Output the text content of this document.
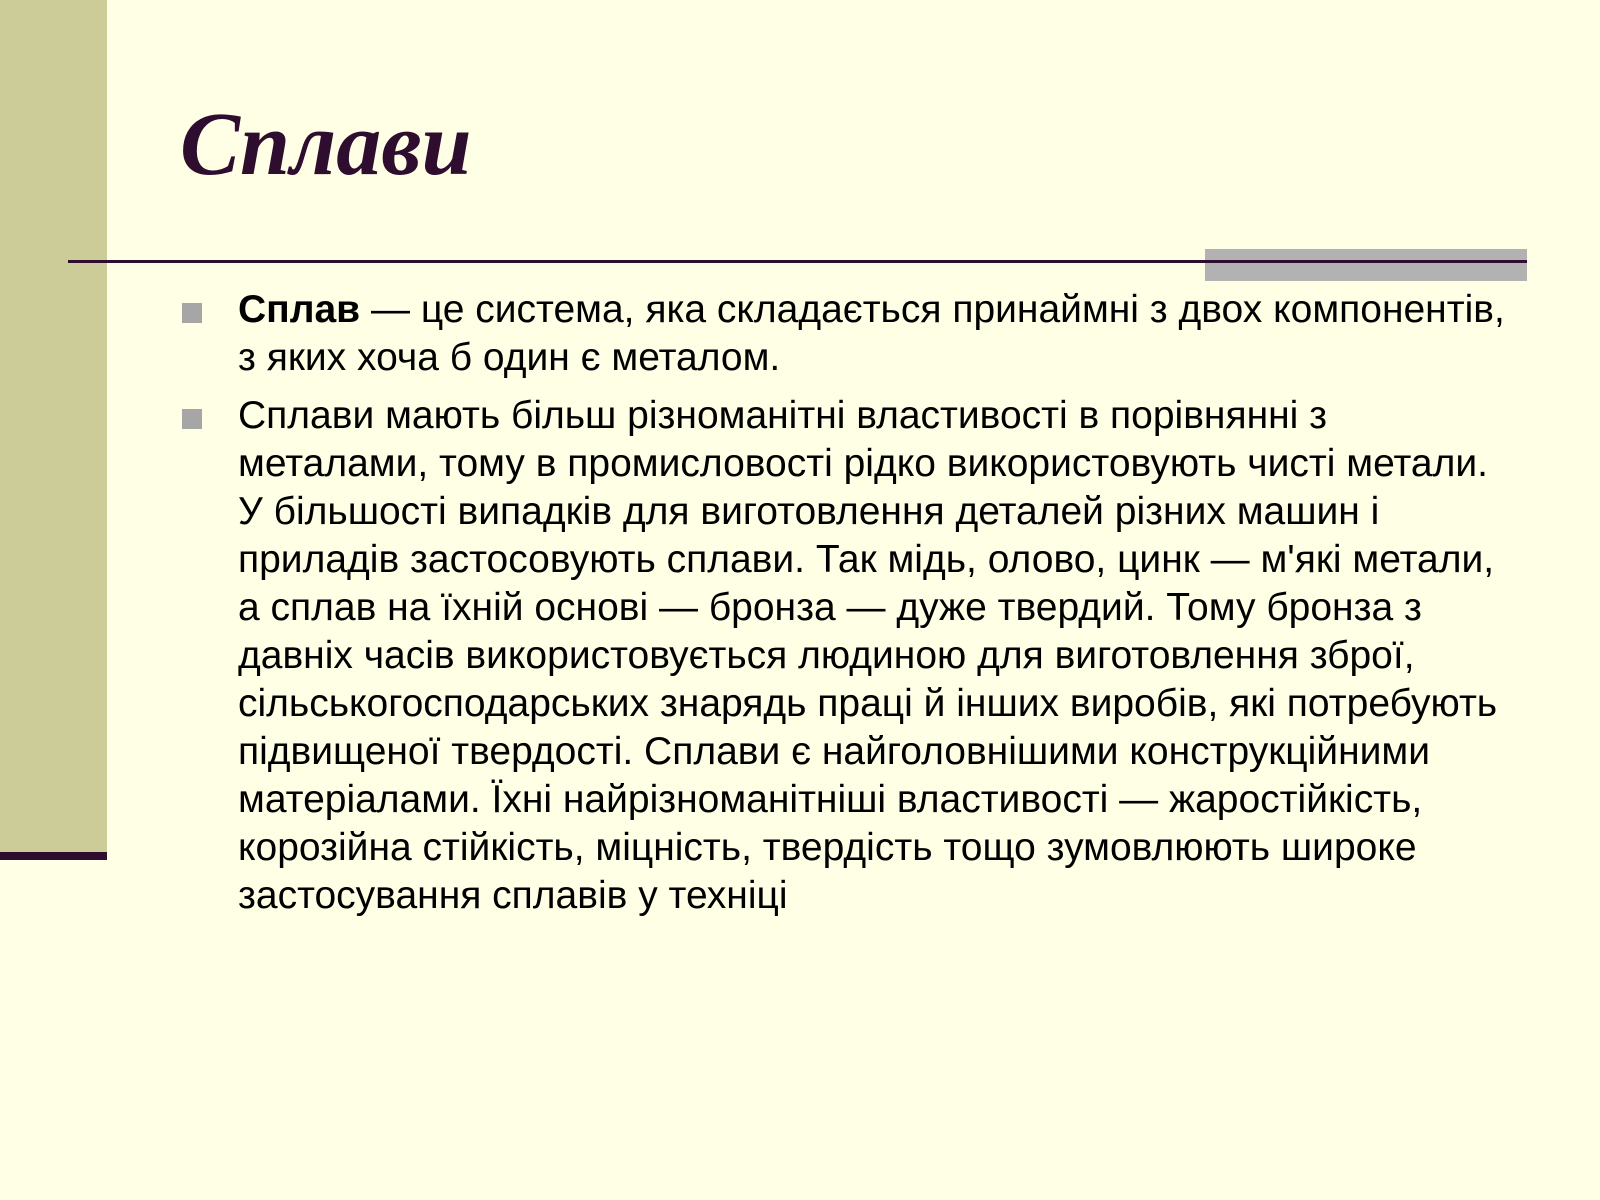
Сплави
Сплав — це система, яка складається принаймні з двох компонентів, з яких хоча б один є металом.
Сплави мають більш різноманітні властивості в порівнянні з металами, тому в промисловості рідко використовують чисті метали. У більшості випадків для виготовлення деталей різних машин і приладів застосовують сплави. Так мідь, олово, цинк — м'які метали, а сплав на їхній основі — бронза — дуже твердий. Тому бронза з давніх часів використовується людиною для виготовлення зброї, сільськогосподарських знарядь праці й інших виробів, які потребують підвищеної твердості. Сплави є найголовнішими конструкційними матеріалами. Їхні найрізноманітніші властивості — жаростійкість, корозійна стійкість, міцність, твердість тощо зумовлюють широке застосування сплавів у техніці
